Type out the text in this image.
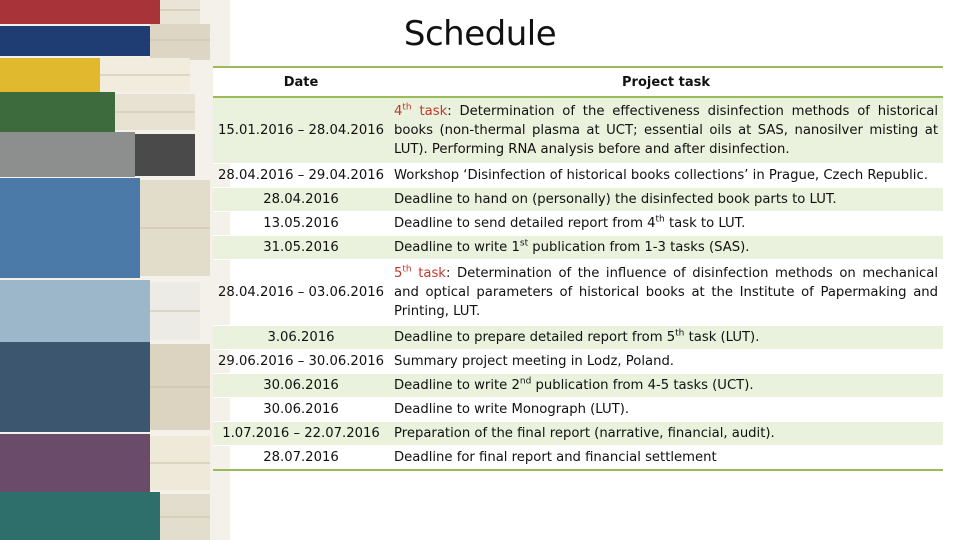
Schedule
Date	Project task
15.01.2016 – 28.04.2016	4th task: Determination of the effectiveness disinfection methods of historical books (non-thermal plasma at UCT; essential oils at SAS, nanosilver misting at LUT). Performing RNA analysis before and after disinfection.
28.04.2016 – 29.04.2016	Workshop ‘Disinfection of historical books collections’ in Prague, Czech Republic.
28.04.2016	Deadline to hand on (personally) the disinfected book parts to LUT.
13.05.2016	Deadline to send detailed report from 4th task to LUT.
31.05.2016	Deadline to write 1st publication from 1-3 tasks (SAS).
28.04.2016 – 03.06.2016	5th task: Determination of the influence of disinfection methods on mechanical and optical parameters of historical books at the Institute of Papermaking and Printing, LUT.
3.06.2016	Deadline to prepare detailed report from 5th task (LUT).
29.06.2016 – 30.06.2016	Summary project meeting in Lodz, Poland.
30.06.2016	Deadline to write 2nd publication from 4-5 tasks (UCT).
30.06.2016	Deadline to write Monograph (LUT).
1.07.2016 – 22.07.2016	Preparation of the final report (narrative, financial, audit).
28.07.2016	Deadline for final report and financial settlement
